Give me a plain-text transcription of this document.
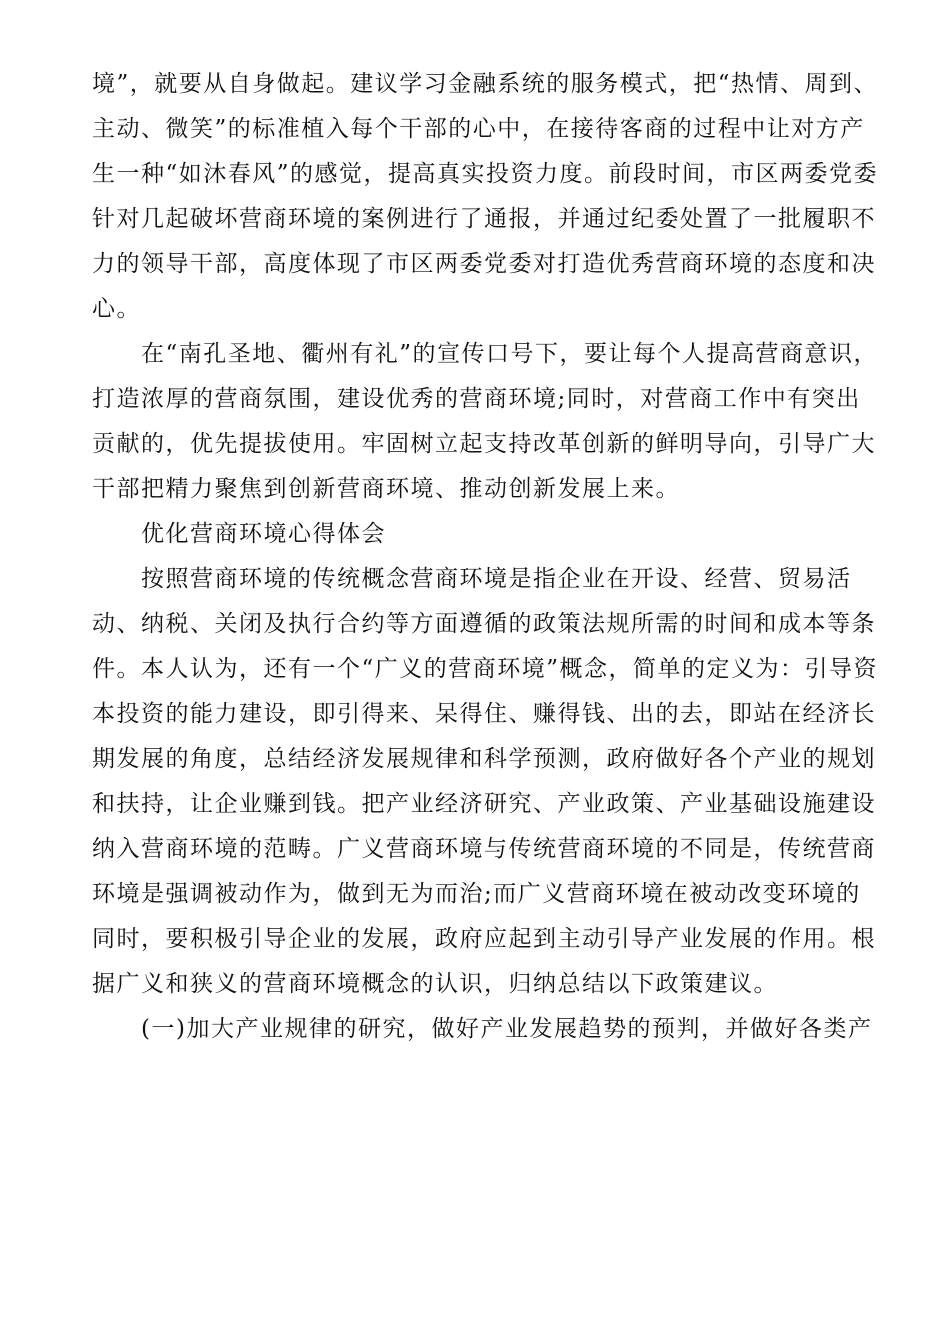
境”，就要从自身做起。建议学习金融系统的服务模式，把“热情、周到、
主动、微笑”的标准植入每个干部的心中，在接待客商的过程中让对方产
生一种“如沐春风”的感觉，提高真实投资力度。前段时间，市区两委党委
针对几起破坏营商环境的案例进行了通报，并通过纪委处置了一批履职不
力的领导干部，高度体现了市区两委党委对打造优秀营商环境的态度和决
心。
　　在“南孔圣地、衢州有礼”的宣传口号下，要让每个人提高营商意识，
打造浓厚的营商氛围，建设优秀的营商环境;同时，对营商工作中有突出
贡献的，优先提拔使用。牢固树立起支持改革创新的鲜明导向，引导广大
干部把精力聚焦到创新营商环境、推动创新发展上来。
　　优化营商环境心得体会
　　按照营商环境的传统概念营商环境是指企业在开设、经营、贸易活
动、纳税、关闭及执行合约等方面遵循的政策法规所需的时间和成本等条
件。本人认为，还有一个“广义的营商环境”概念，简单的定义为：引导资
本投资的能力建设，即引得来、呆得住、赚得钱、出的去，即站在经济长
期发展的角度，总结经济发展规律和科学预测，政府做好各个产业的规划
和扶持，让企业赚到钱。把产业经济研究、产业政策、产业基础设施建设
纳入营商环境的范畴。广义营商环境与传统营商环境的不同是，传统营商
环境是强调被动作为，做到无为而治;而广义营商环境在被动改变环境的
同时，要积极引导企业的发展，政府应起到主动引导产业发展的作用。根
据广义和狭义的营商环境概念的认识，归纳总结以下政策建议。
　　(一)加大产业规律的研究，做好产业发展趋势的预判，并做好各类产
